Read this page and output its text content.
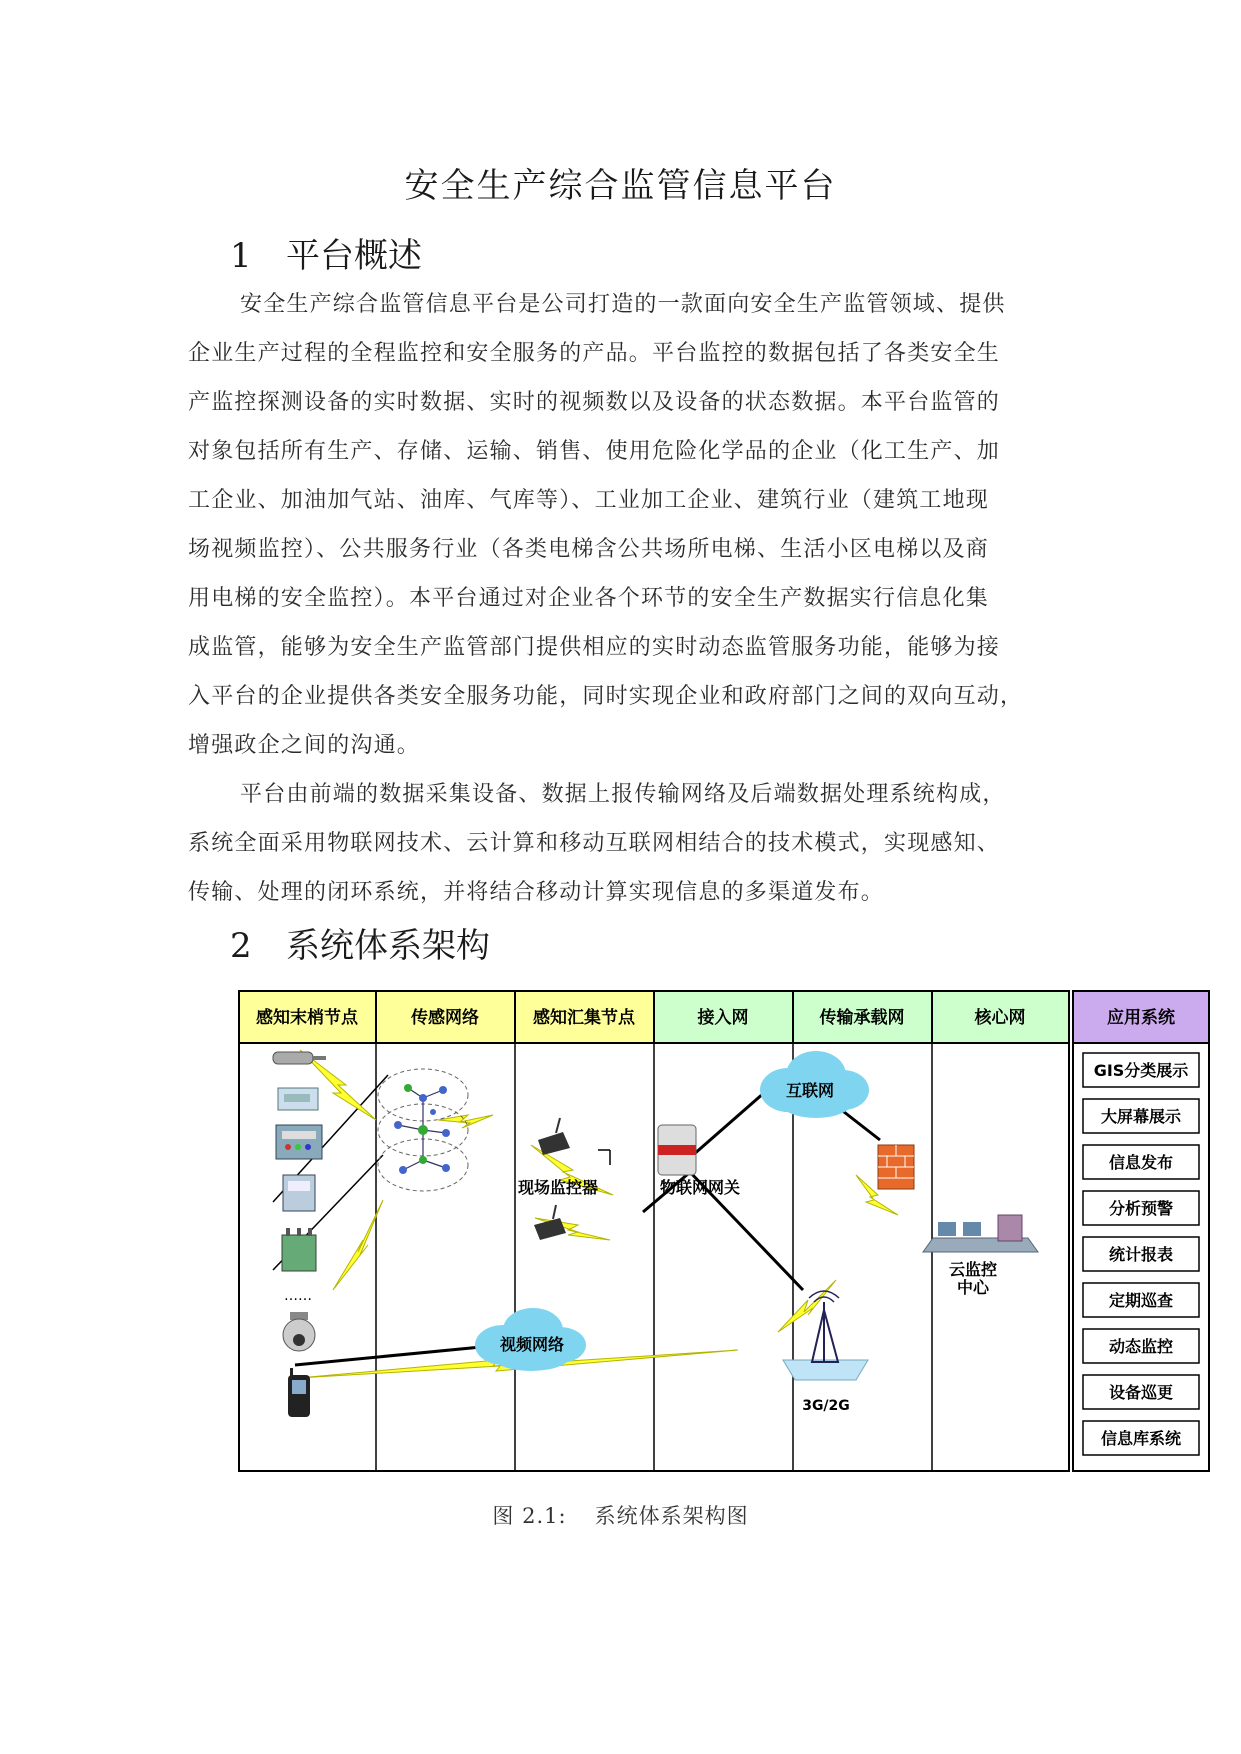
安全生产综合监管信息平台
1 平台概述

安全生产综合监管信息平台是公司打造的一款面向安全生产监管领域、提供
企业生产过程的全程监控和安全服务的产品。平台监控的数据包括了各类安全生
产监控探测设备的实时数据、实时的视频数以及设备的状态数据。本平台监管的
对象包括所有生产、存储、运输、销售、使用危险化学品的企业（化工生产、加
工企业、加油加气站、油库、气库等）、工业加工企业、建筑行业（建筑工地现
场视频监控）、公共服务行业（各类电梯含公共场所电梯、生活小区电梯以及商
用电梯的安全监控）。本平台通过对企业各个环节的安全生产数据实行信息化集
成监管，能够为安全生产监管部门提供相应的实时动态监管服务功能，能够为接
入平台的企业提供各类安全服务功能，同时实现企业和政府部门之间的双向互动，
增强政企之间的沟通。

平台由前端的数据采集设备、数据上报传输网络及后端数据处理系统构成，
系统全面采用物联网技术、云计算和移动互联网相结合的技术模式，实现感知、
传输、处理的闭环系统，并将结合移动计算实现信息的多渠道发布。

2 系统体系架构
感知末梢节点	传感网络	感知汇集节点	接入网	传输承载网	核心网	应用系统
GIS分类展示
大屏幕展示
信息发布
分析预警
统计报表
定期巡查
动态监控
设备巡更
信息库系统
……
现场监控器	物联网网关
互联网
视频网络
云监控
中心
3G/2G
图 2.1: 系统体系架构图
